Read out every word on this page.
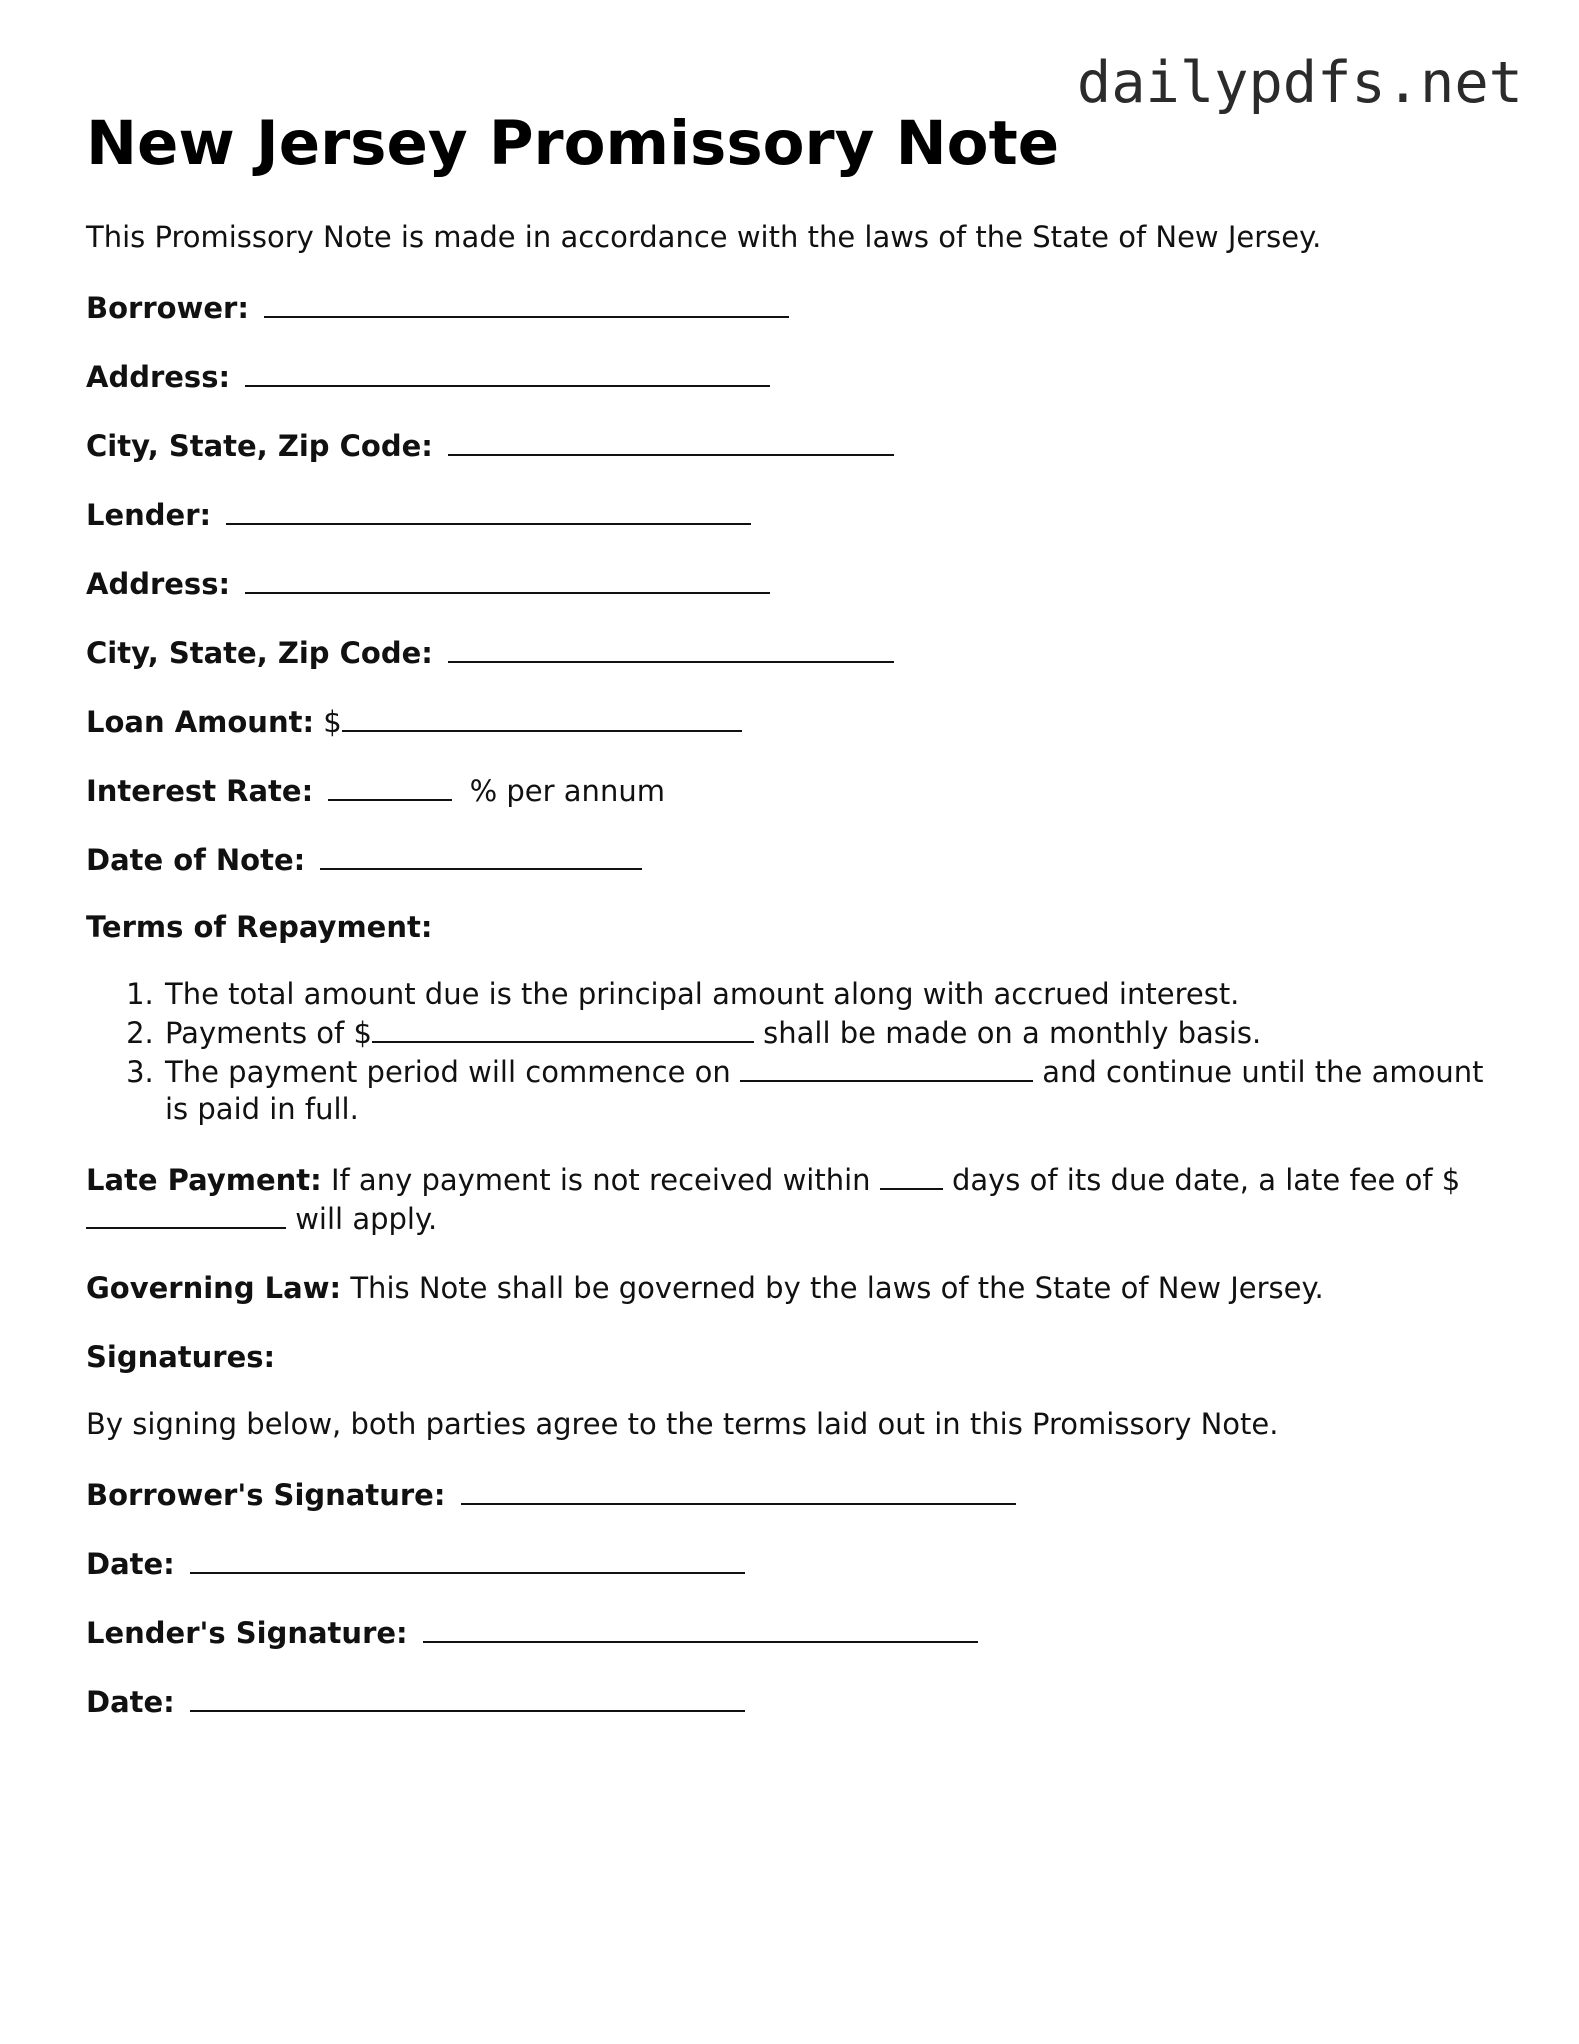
dailypdfs.net
New Jersey Promissory Note

This Promissory Note is made in accordance with the laws of the State of New Jersey.

Borrower:
Address:
City, State, Zip Code:
Lender:
Address:
City, State, Zip Code:
Loan Amount: $
Interest Rate:	% per annum
Date of Note:
Terms of Repayment:
1. The total amount due is the principal amount along with accrued interest.
2. Payments of $	shall be made on a monthly basis.
3. The payment period will commence on	and continue until the amount is paid in full.

Late Payment: If any payment is not received within  days of its due date, a late fee of $ will apply.

Governing Law: This Note shall be governed by the laws of the State of New Jersey.

Signatures:

By signing below, both parties agree to the terms laid out in this Promissory Note.

Borrower's Signature:
Date:
Lender's Signature:
Date:
